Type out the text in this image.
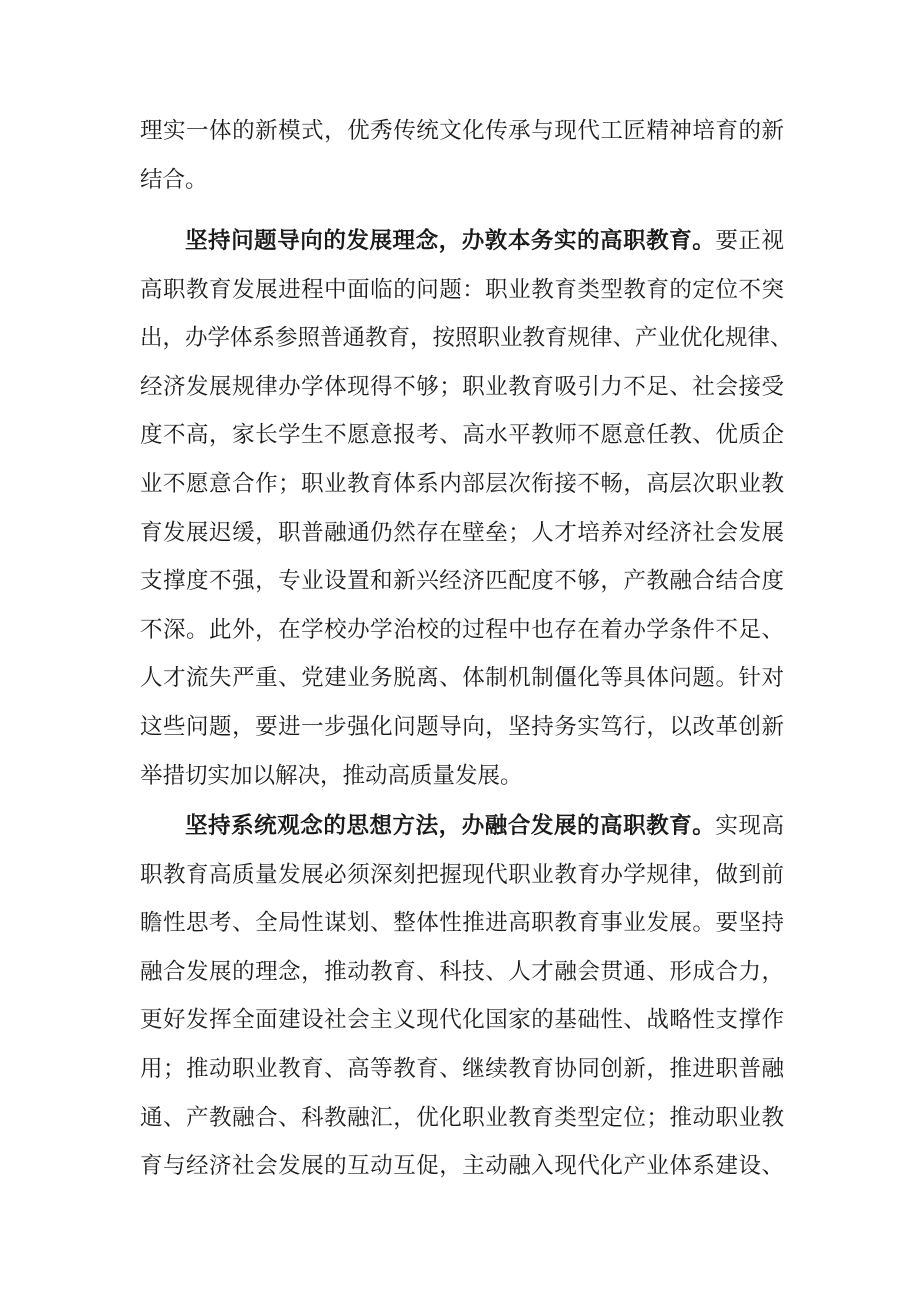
理实一体的新模式，优秀传统文化传承与现代工匠精神培育的新
结合。
坚持问题导向的发展理念，办敦本务实的高职教育。要正视
高职教育发展进程中面临的问题：职业教育类型教育的定位不突
出，办学体系参照普通教育，按照职业教育规律、产业优化规律、
经济发展规律办学体现得不够；职业教育吸引力不足、社会接受
度不高，家长学生不愿意报考、高水平教师不愿意任教、优质企
业不愿意合作；职业教育体系内部层次衔接不畅，高层次职业教
育发展迟缓，职普融通仍然存在壁垒；人才培养对经济社会发展
支撑度不强，专业设置和新兴经济匹配度不够，产教融合结合度
不深。此外，在学校办学治校的过程中也存在着办学条件不足、
人才流失严重、党建业务脱离、体制机制僵化等具体问题。针对
这些问题，要进一步强化问题导向，坚持务实笃行，以改革创新
举措切实加以解决，推动高质量发展。
坚持系统观念的思想方法，办融合发展的高职教育。实现高
职教育高质量发展必须深刻把握现代职业教育办学规律，做到前
瞻性思考、全局性谋划、整体性推进高职教育事业发展。要坚持
融合发展的理念，推动教育、科技、人才融会贯通、形成合力，
更好发挥全面建设社会主义现代化国家的基础性、战略性支撑作
用；推动职业教育、高等教育、继续教育协同创新，推进职普融
通、产教融合、科教融汇，优化职业教育类型定位；推动职业教
育与经济社会发展的互动互促，主动融入现代化产业体系建设、
